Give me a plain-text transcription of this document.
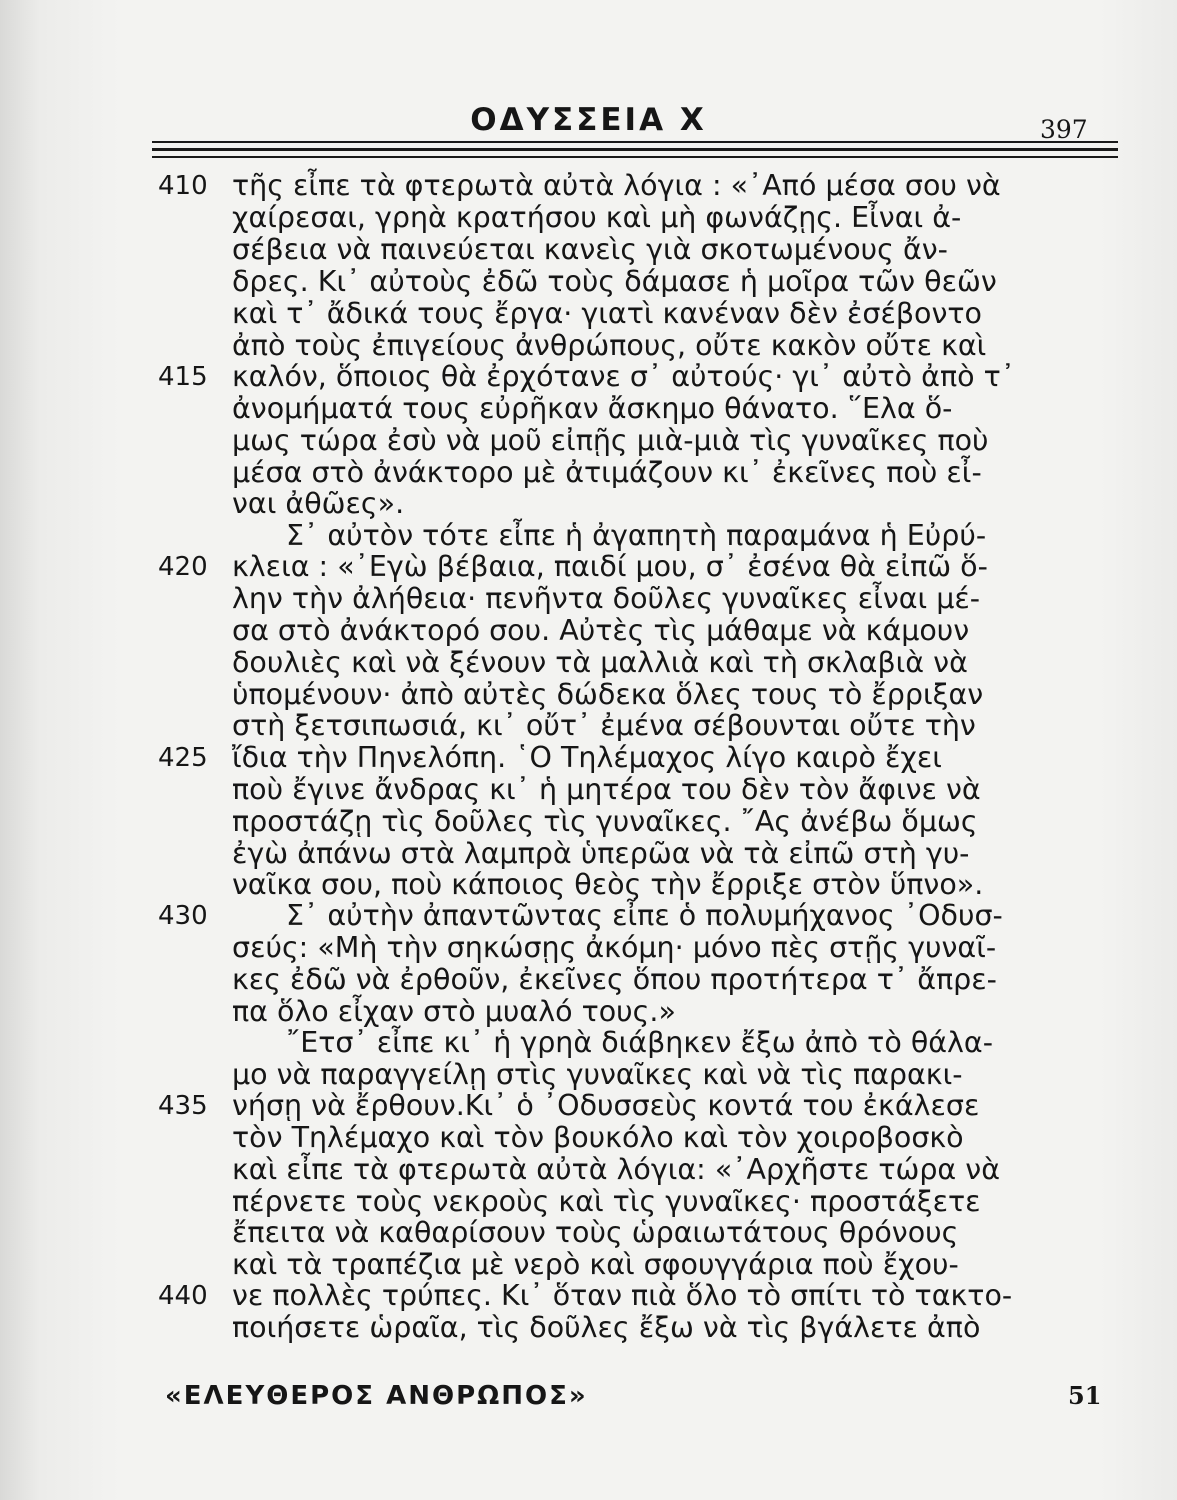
ΟΔΥΣΣΕΙΑ Χ	397
410
415
420
425
430
435
440
τῆς εἶπε τὰ φτερωτὰ αὐτὰ λόγια : «᾿Από μέσα σου νὰ
χαίρεσαι, γρηὰ κρατήσου καὶ μὴ φωνάζῃς. Εἶναι ἀ-
σέβεια νὰ παινεύεται κανεὶς γιὰ σκοτωμένους ἄν-
δρες. Κι᾿ αὐτοὺς ἐδῶ τοὺς δάμασε ἡ μοῖρα τῶν θεῶν
καὶ τ᾿ ἄδικά τους ἔργα· γιατὶ κανέναν δὲν ἐσέβοντο
ἀπὸ τοὺς ἐπιγείους ἀνθρώπους, οὔτε κακὸν οὔτε καὶ
καλόν, ὅποιος θὰ ἐρχότανε σ᾿ αὐτούς· γι᾿ αὐτὸ ἀπὸ τ᾿
ἀνομήματά τους εὐρῆκαν ἄσκημο θάνατο. ῞Ελα ὅ-
μως τώρα ἐσὺ νὰ μοῦ εἰπῇς μιὰ-μιὰ τὶς γυναῖκες ποὺ
μέσα στὸ ἀνάκτορο μὲ ἀτιμάζουν κι᾿ ἐκεῖνες ποὺ εἶ-
ναι ἀθῶες».
Σ᾿ αὐτὸν τότε εἶπε ἡ ἀγαπητὴ παραμάνα ἡ Εὐρύ-
κλεια : «᾿Εγὼ βέβαια, παιδί μου, σ᾿ ἐσένα θὰ εἰπῶ ὅ-
λην τὴν ἀλήθεια· πενῆντα δοῦλες γυναῖκες εἶναι μέ-
σα στὸ ἀνάκτορό σου. Αὐτὲς τὶς μάθαμε νὰ κάμουν
δουλιὲς καὶ νὰ ξένουν τὰ μαλλιὰ καὶ τὴ σκλαβιὰ νὰ
ὑπομένουν· ἀπὸ αὐτὲς δώδεκα ὅλες τους τὸ ἔρριξαν
στὴ ξετσιπωσιά, κι᾿ οὔτ᾿ ἐμένα σέβουνται οὔτε τὴν
ἴδια τὴν Πηνελόπη. ῾Ο Τηλέμαχος λίγο καιρὸ ἔχει
ποὺ ἔγινε ἄνδρας κι᾿ ἡ μητέρα του δὲν τὸν ἄφινε νὰ
προστάζῃ τὶς δοῦλες τὶς γυναῖκες. ῎Ας ἀνέβω ὅμως
ἐγὼ ἀπάνω στὰ λαμπρὰ ὑπερῶα νὰ τὰ εἰπῶ στὴ γυ-
ναῖκα σου, ποὺ κάποιος θεὸς τὴν ἔρριξε στὸν ὕπνο».
Σ᾿ αὐτὴν ἀπαντῶντας εἶπε ὁ πολυμήχανος ᾿Οδυσ-
σεύς: «Μὴ τὴν σηκώσῃς ἀκόμη· μόνο πὲς στῇς γυναῖ-
κες ἐδῶ νὰ ἐρθοῦν, ἐκεῖνες ὅπου προτήτερα τ᾿ ἄπρε-
πα ὅλο εἶχαν στὸ μυαλό τους.»
῎Ετσ᾿ εἶπε κι᾿ ἡ γρηὰ διάβηκεν ἔξω ἀπὸ τὸ θάλα-
μο νὰ παραγγείλῃ στὶς γυναῖκες καὶ νὰ τὶς παρακι-
νήσῃ νὰ ἔρθουν.Κι᾿ ὁ ᾿Οδυσσεὺς κοντά του ἐκάλεσε
τὸν Τηλέμαχο καὶ τὸν βουκόλο καὶ τὸν χοιροβοσκὸ
καὶ εἶπε τὰ φτερωτὰ αὐτὰ λόγια: «᾿Αρχῆστε τώρα νὰ
πέρνετε τοὺς νεκροὺς καὶ τὶς γυναῖκες· προστάξετε
ἔπειτα νὰ καθαρίσουν τοὺς ὡραιωτάτους θρόνους
καὶ τὰ τραπέζια μὲ νερὸ καὶ σφουγγάρια ποὺ ἔχου-
νε πολλὲς τρύπες. Κι᾿ ὅταν πιὰ ὅλο τὸ σπίτι τὸ τακτο-
ποιήσετε ὡραῖα, τὶς δοῦλες ἔξω νὰ τὶς βγάλετε ἀπὸ
«ΕΛΕΥΘΕΡΟΣ ΑΝΘΡΩΠΟΣ»	51
